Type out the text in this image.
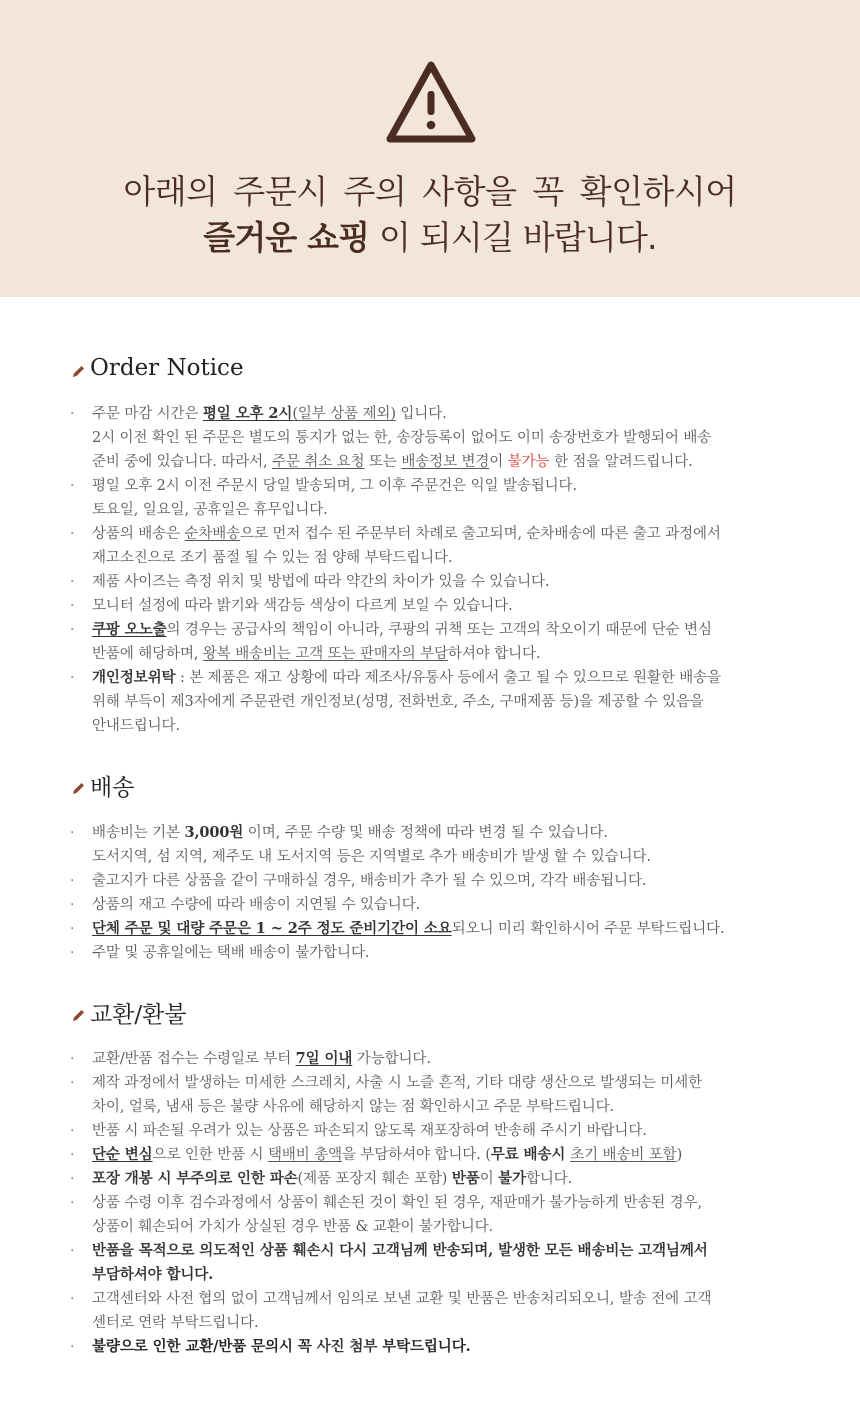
아래의 주문시 주의 사항을 꼭 확인하시어
즐거운 쇼핑 이 되시길 바랍니다.
Order Notice
· 주문 마감 시간은 평일 오후 2시(일부 상품 제외) 입니다.
2시 이전 확인 된 주문은 별도의 통지가 없는 한, 송장등록이 없어도 이미 송장번호가 발행되어 배송
준비 중에 있습니다. 따라서, 주문 취소 요청 또는 배송정보 변경이 불가능 한 점을 알려드립니다.
· 평일 오후 2시 이전 주문시 당일 발송되며, 그 이후 주문건은 익일 발송됩니다.
토요일, 일요일, 공휴일은 휴무입니다.
· 상품의 배송은 순차배송으로 먼저 접수 된 주문부터 차례로 출고되며, 순차배송에 따른 출고 과정에서
재고소진으로 조기 품절 될 수 있는 점 양해 부탁드립니다.
· 제품 사이즈는 측정 위치 및 방법에 따라 약간의 차이가 있을 수 있습니다.
· 모니터 설정에 따라 밝기와 색감등 색상이 다르게 보일 수 있습니다.
· 쿠팡 오노출의 경우는 공급사의 책임이 아니라, 쿠팡의 귀책 또는 고객의 착오이기 때문에 단순 변심
반품에 해당하며, 왕복 배송비는 고객 또는 판매자의 부담하셔야 합니다.
· 개인정보위탁 : 본 제품은 재고 상황에 따라 제조사/유통사 등에서 출고 될 수 있으므로 원활한 배송을
위해 부득이 제3자에게 주문관련 개인정보(성명, 전화번호, 주소, 구매제품 등)을 제공할 수 있음을
안내드립니다.
배송
· 배송비는 기본 3,000원 이며, 주문 수량 및 배송 정책에 따라 변경 될 수 있습니다.
도서지역, 섬 지역, 제주도 내 도서지역 등은 지역별로 추가 배송비가 발생 할 수 있습니다.
· 출고지가 다른 상품을 같이 구매하실 경우, 배송비가 추가 될 수 있으며, 각각 배송됩니다.
· 상품의 재고 수량에 따라 배송이 지연될 수 있습니다.
· 단체 주문 및 대량 주문은 1 ~ 2주 정도 준비기간이 소요되오니 미리 확인하시어 주문 부탁드립니다.
· 주말 및 공휴일에는 택배 배송이 불가합니다.
교환/환불
· 교환/반품 접수는 수령일로 부터 7일 이내 가능합니다.
· 제작 과정에서 발생하는 미세한 스크레치, 사출 시 노즐 흔적, 기타 대량 생산으로 발생되는 미세한
차이, 얼룩, 냄새 등은 불량 사유에 해당하지 않는 점 확인하시고 주문 부탁드립니다.
· 반품 시 파손될 우려가 있는 상품은 파손되지 않도록 재포장하여 반송해 주시기 바랍니다.
· 단순 변심으로 인한 반품 시 택배비 총액을 부담하셔야 합니다. (무료 배송시 초기 배송비 포함)
· 포장 개봉 시 부주의로 인한 파손(제품 포장지 훼손 포함) 반품이 불가합니다.
· 상품 수령 이후 검수과정에서 상품이 훼손된 것이 확인 된 경우, 재판매가 불가능하게 반송된 경우,
상품이 훼손되어 가치가 상실된 경우 반품 & 교환이 불가합니다.
· 반품을 목적으로 의도적인 상품 훼손시 다시 고객님께 반송되며, 발생한 모든 배송비는 고객님께서
부담하셔야 합니다.
· 고객센터와 사전 협의 없이 고객님께서 임의로 보낸 교환 및 반품은 반송처리되오니, 발송 전에 고객
센터로 연락 부탁드립니다.
· 불량으로 인한 교환/반품 문의시 꼭 사진 첨부 부탁드립니다.
